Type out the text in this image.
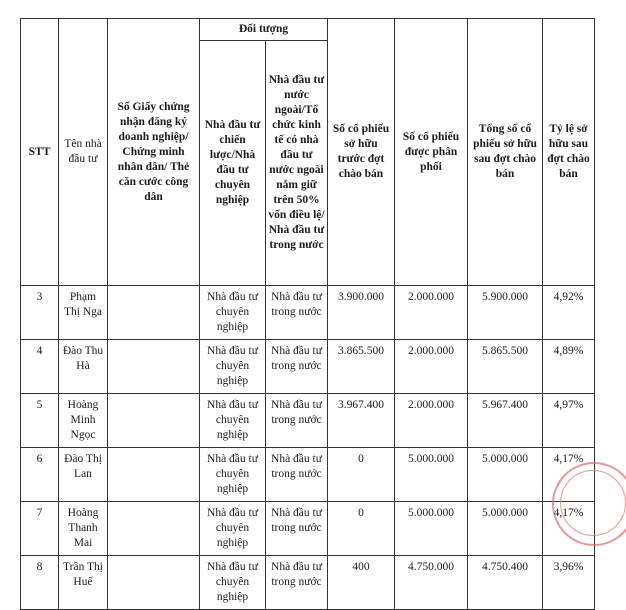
STT	Tên nhà đầu tư	Số Giấy chứng nhận đăng ký doanh nghiệp/ Chứng minh nhân dân/ Thẻ căn cước công dân	Đối tượng		Số cổ phiếu sở hữu trước đợt chào bán	Số cổ phiếu được phân phối	Tổng số cổ phiếu sở hữu sau đợt chào bán	Tỷ lệ sở hữu sau đợt chào bán
			Nhà đầu tư chiến lược/Nhà đầu tư chuyên nghiệp	Nhà đầu tư nước ngoài/Tổ chức kinh tế có nhà đầu tư nước ngoài nắm giữ trên 50% vốn điều lệ/ Nhà đầu tư trong nước				
3	Phạm Thị Nga		Nhà đầu tư chuyên nghiệp	Nhà đầu tư trong nước	3.900.000	2.000.000	5.900.000	4,92%
4	Đào Thu Hà		Nhà đầu tư chuyên nghiệp	Nhà đầu tư trong nước	3.865.500	2.000.000	5.865.500	4,89%
5	Hoàng Minh Ngọc		Nhà đầu tư chuyên nghiệp	Nhà đầu tư trong nước	3.967.400	2.000.000	5.967.400	4,97%
6	Đào Thị Lan		Nhà đầu tư chuyên nghiệp	Nhà đầu tư trong nước	0	5.000.000	5.000.000	4,17%
7	Hoàng Thanh Mai		Nhà đầu tư chuyên nghiệp	Nhà đầu tư trong nước	0	5.000.000	5.000.000	4,17%
8	Trần Thị Huế		Nhà đầu tư chuyên nghiệp	Nhà đầu tư trong nước	400	4.750.000	4.750.400	3,96%
